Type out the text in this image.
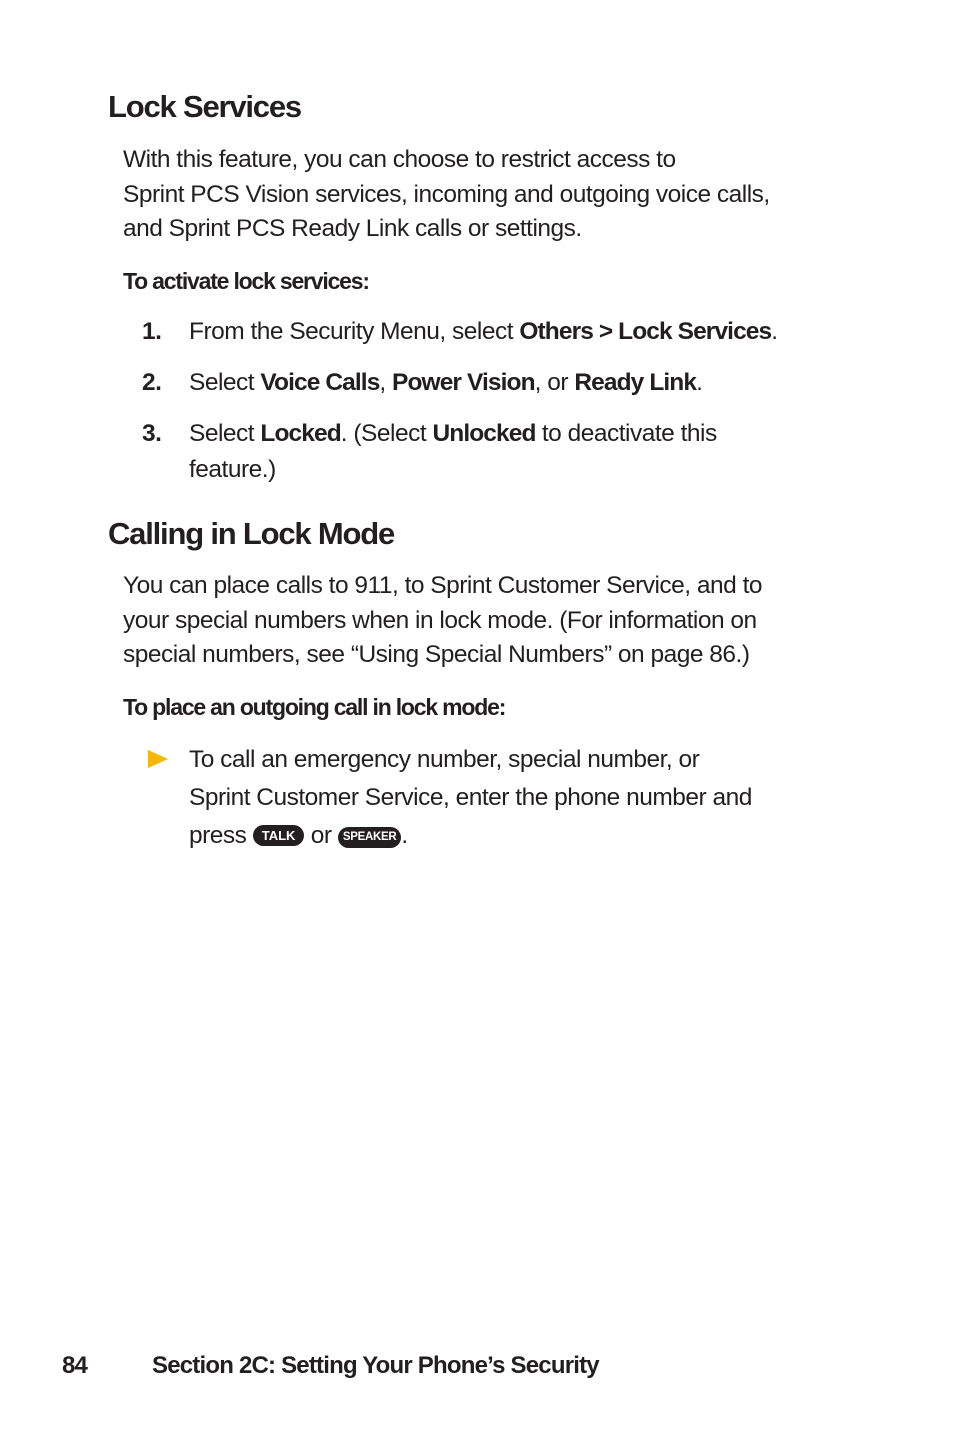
Lock Services

With this feature, you can choose to restrict access to
Sprint PCS Vision services, incoming and outgoing voice calls,
and Sprint PCS Ready Link calls or settings.

To activate lock services:

1.	From the Security Menu, select Others > Lock Services.
2.	Select Voice Calls, Power Vision, or Ready Link.
3.	Select Locked. (Select Unlocked to deactivate this
feature.)
Calling in Lock Mode

You can place calls to 911, to Sprint Customer Service, and to
your special numbers when in lock mode. (For information on
special numbers, see “Using Special Numbers” on page 86.)

To place an outgoing call in lock mode:

To call an emergency number, special number, or
Sprint Customer Service, enter the phone number and
press TALK or SPEAKER .
84	Section 2C: Setting Your Phone’s Security
